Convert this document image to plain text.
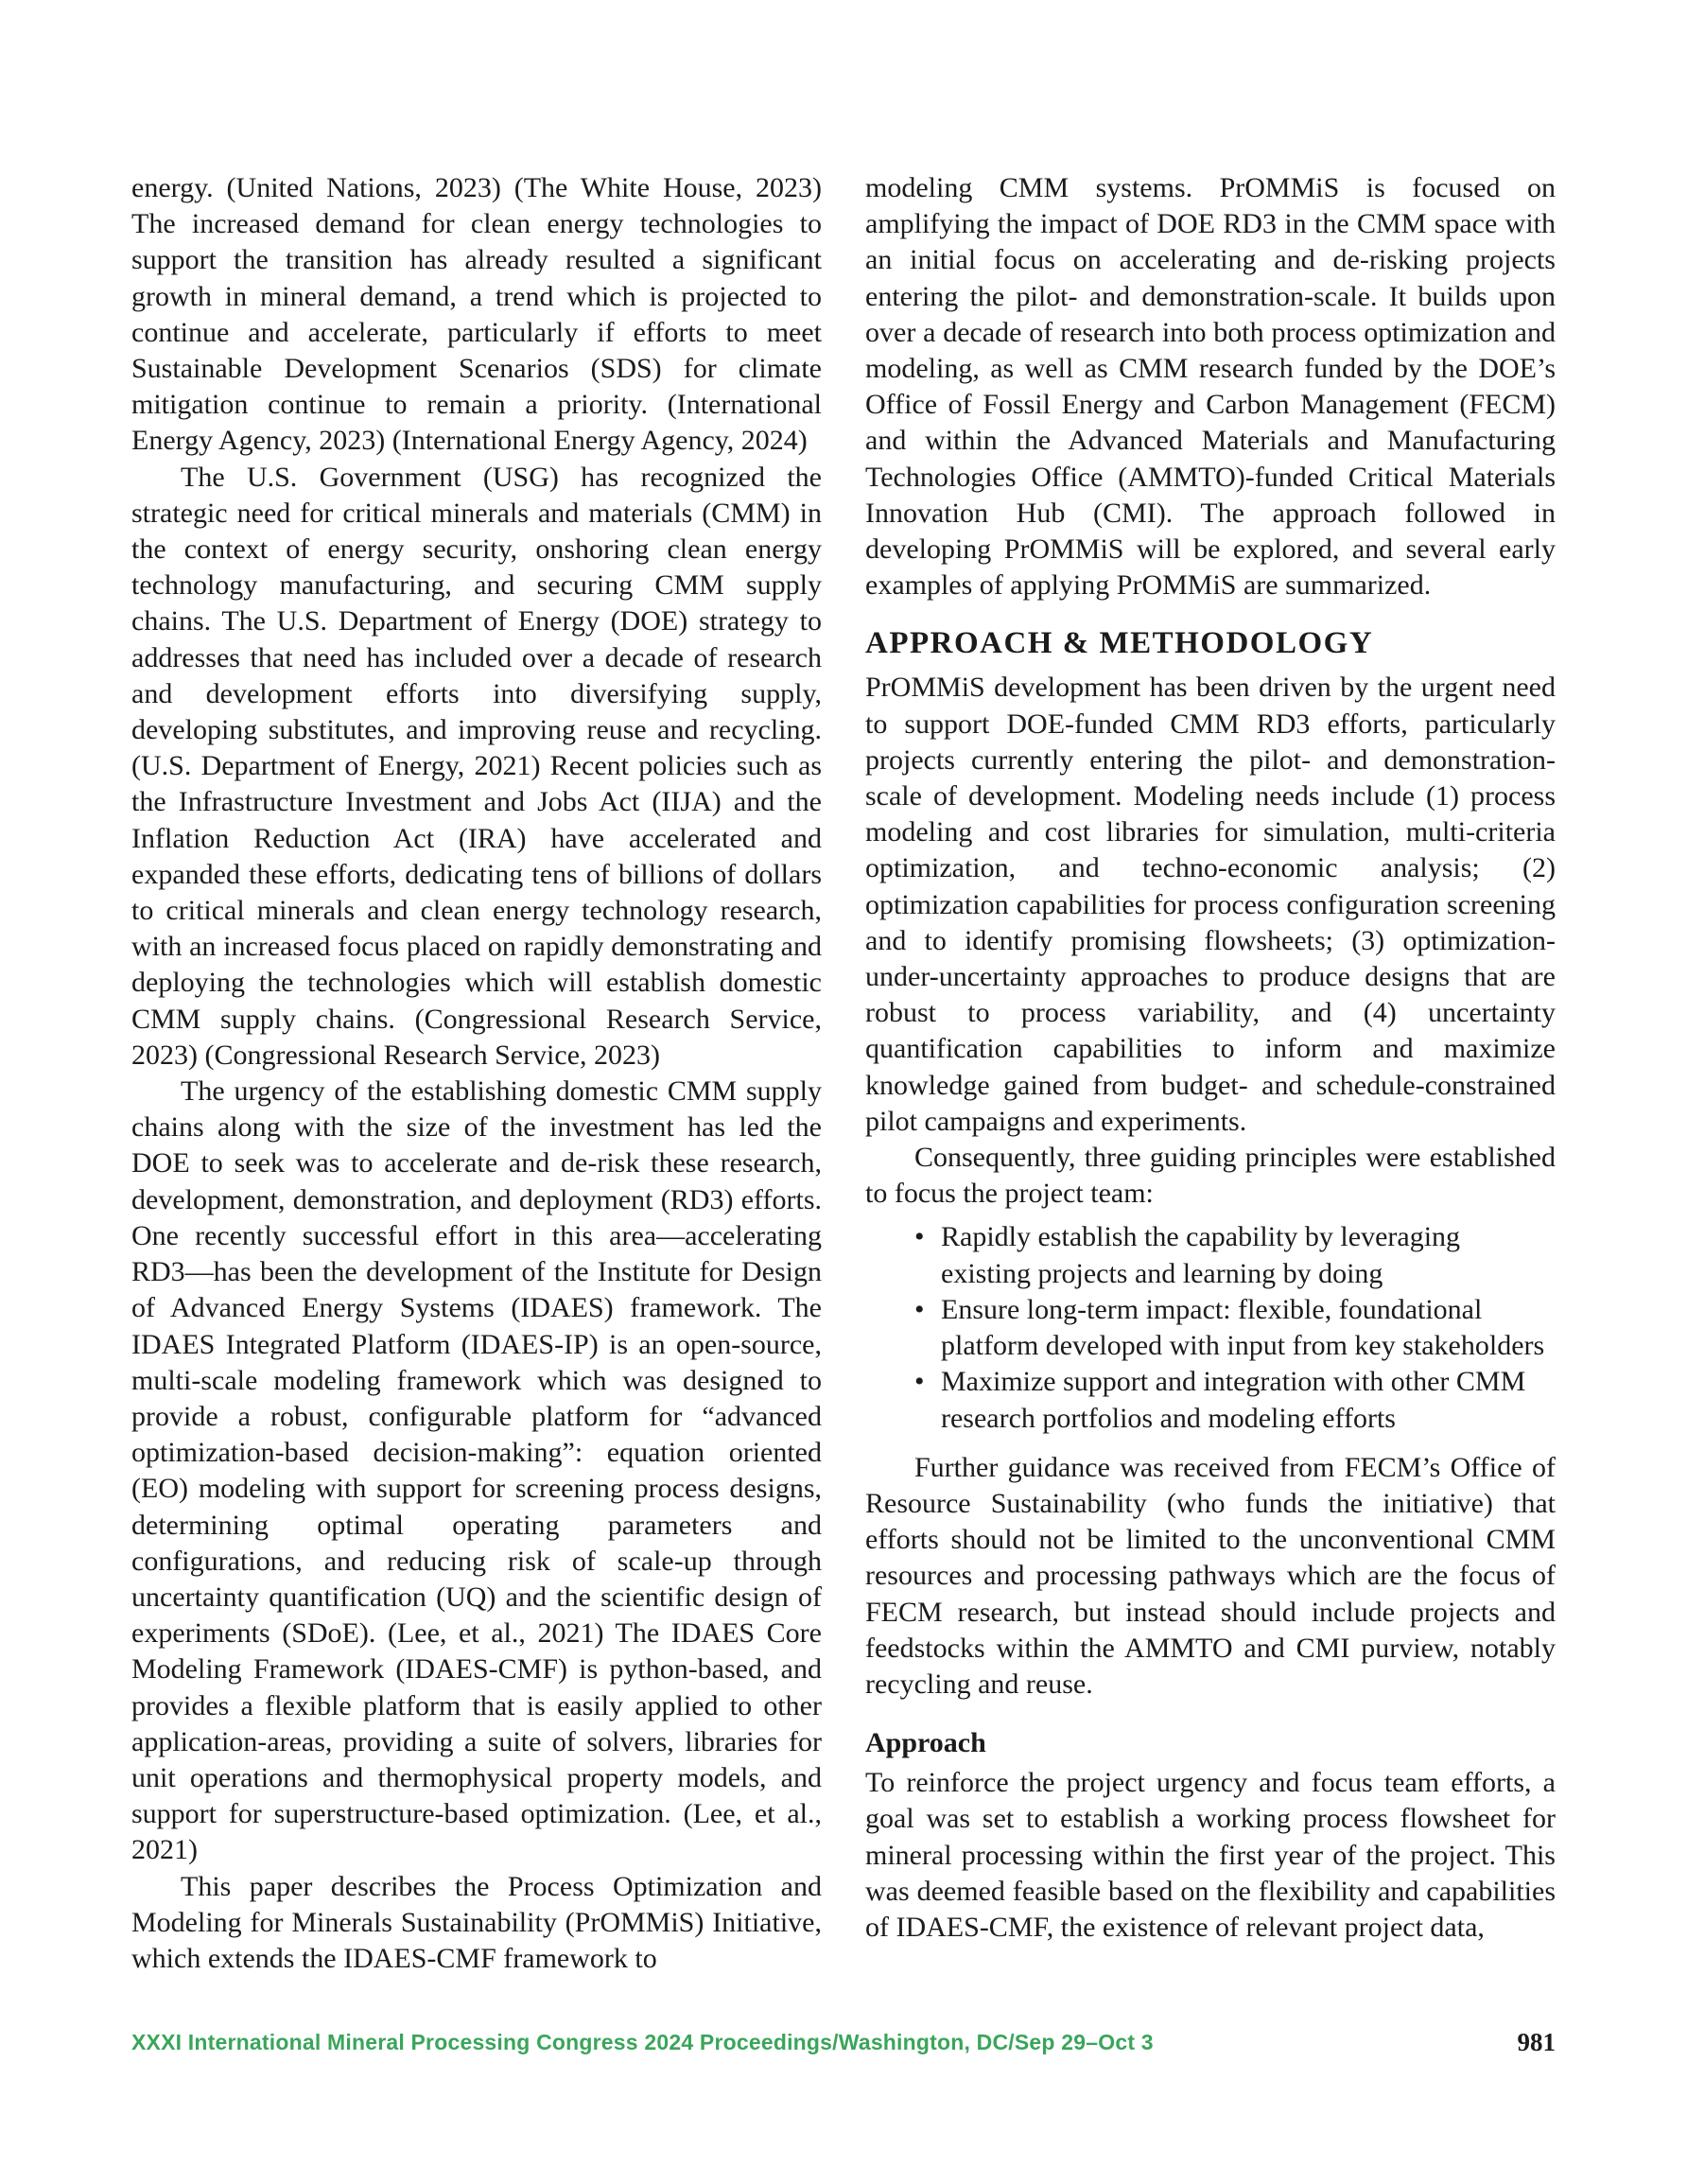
energy. (United Nations, 2023) (The White House, 2023) The increased demand for clean energy technologies to support the transition has already resulted a significant growth in mineral demand, a trend which is projected to continue and accelerate, particularly if efforts to meet Sustainable Development Scenarios (SDS) for climate mitigation continue to remain a priority. (International Energy Agency, 2023) (International Energy Agency, 2024)

The U.S. Government (USG) has recognized the strategic need for critical minerals and materials (CMM) in the context of energy security, onshoring clean energy technology manufacturing, and securing CMM supply chains. The U.S. Department of Energy (DOE) strategy to addresses that need has included over a decade of research and development efforts into diversifying supply, developing substitutes, and improving reuse and recycling. (U.S. Department of Energy, 2021) Recent policies such as the Infrastructure Investment and Jobs Act (IIJA) and the Inflation Reduction Act (IRA) have accelerated and expanded these efforts, dedicating tens of billions of dollars to critical minerals and clean energy technology research, with an increased focus placed on rapidly demonstrating and deploying the technologies which will establish domestic CMM supply chains. (Congressional Research Service, 2023) (Congressional Research Service, 2023)

The urgency of the establishing domestic CMM supply chains along with the size of the investment has led the DOE to seek was to accelerate and de-risk these research, development, demonstration, and deployment (RD3) efforts. One recently successful effort in this area—accelerating RD3—has been the development of the Institute for Design of Advanced Energy Systems (IDAES) framework. The IDAES Integrated Platform (IDAES-IP) is an open-source, multi-scale modeling framework which was designed to provide a robust, configurable platform for “advanced optimization-based decision-making”: equation oriented (EO) modeling with support for screening process designs, determining optimal operating parameters and configurations, and reducing risk of scale-up through uncertainty quantification (UQ) and the scientific design of experiments (SDoE). (Lee, et al., 2021) The IDAES Core Modeling Framework (IDAES-CMF) is python-based, and provides a flexible platform that is easily applied to other application-areas, providing a suite of solvers, libraries for unit operations and thermophysical property models, and support for superstructure-based optimization. (Lee, et al., 2021)

This paper describes the Process Optimization and Modeling for Minerals Sustainability (PrOMMiS) Initiative, which extends the IDAES-CMF framework to

modeling CMM systems. PrOMMiS is focused on amplifying the impact of DOE RD3 in the CMM space with an initial focus on accelerating and de-risking projects entering the pilot- and demonstration-scale. It builds upon over a decade of research into both process optimization and modeling, as well as CMM research funded by the DOE’s Office of Fossil Energy and Carbon Management (FECM) and within the Advanced Materials and Manufacturing Technologies Office (AMMTO)-funded Critical Materials Innovation Hub (CMI). The approach followed in developing PrOMMiS will be explored, and several early examples of applying PrOMMiS are summarized.

APPROACH & METHODOLOGY

PrOMMiS development has been driven by the urgent need to support DOE-funded CMM RD3 efforts, particularly projects currently entering the pilot- and demonstration-scale of development. Modeling needs include (1) process modeling and cost libraries for simulation, multi-criteria optimization, and techno-economic analysis; (2) optimization capabilities for process configuration screening and to identify promising flowsheets; (3) optimization-under-uncertainty approaches to produce designs that are robust to process variability, and (4) uncertainty quantification capabilities to inform and maximize knowledge gained from budget- and schedule-constrained pilot campaigns and experiments.

Consequently, three guiding principles were established to focus the project team:

• Rapidly establish the capability by leveraging existing projects and learning by doing
• Ensure long-term impact: flexible, foundational platform developed with input from key stakeholders
• Maximize support and integration with other CMM research portfolios and modeling efforts

Further guidance was received from FECM’s Office of Resource Sustainability (who funds the initiative) that efforts should not be limited to the unconventional CMM resources and processing pathways which are the focus of FECM research, but instead should include projects and feedstocks within the AMMTO and CMI purview, notably recycling and reuse.

Approach

To reinforce the project urgency and focus team efforts, a goal was set to establish a working process flowsheet for mineral processing within the first year of the project. This was deemed feasible based on the flexibility and capabilities of IDAES-CMF, the existence of relevant project data,

XXXI International Mineral Processing Congress 2024 Proceedings/Washington, DC/Sep 29–Oct 3	981
